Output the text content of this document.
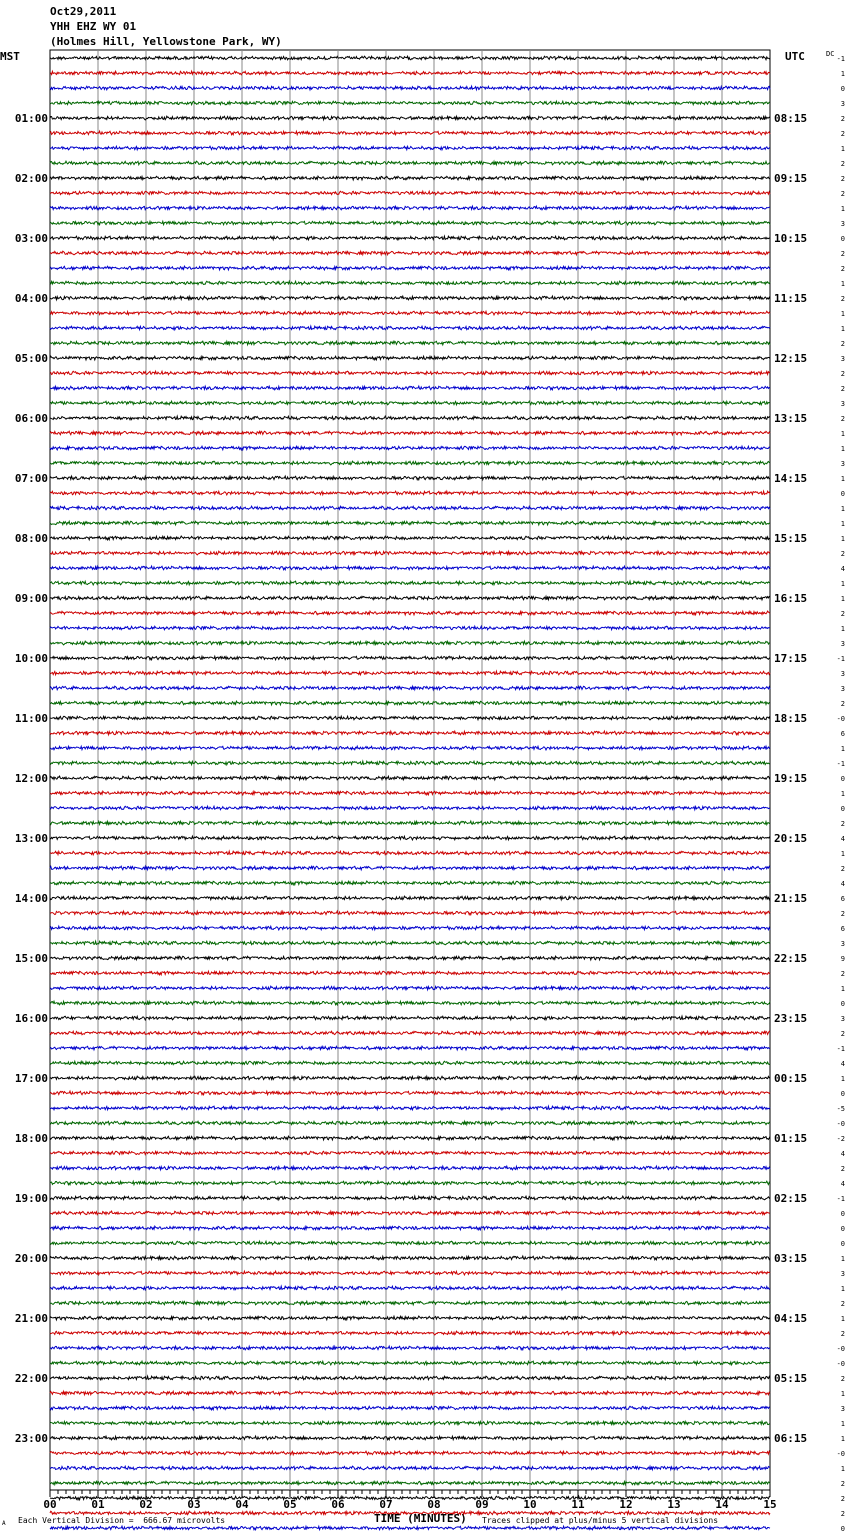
Oct29,2011
YHH EHZ WY 01
(Holmes Hill, Yellowstone Park, WY)
MST	UTC	DC
00	01	02	03	04	05	06	07	08	09	10	11	12	13	14	15
01:00
02:00
03:00
04:00
05:00
06:00
07:00
08:00
09:00
10:00
11:00
12:00
13:00
14:00
15:00
16:00
17:00
18:00
19:00
20:00
21:00
22:00
23:00
08:15
09:15
10:15
11:15
12:15
13:15
14:15
15:15
16:15
17:15
18:15
19:15
20:15
21:15
22:15
23:15
00:15
01:15
02:15
03:15
04:15
05:15
06:15
-1
1
0
3
2
2
1
2
2
2
1
3
0
2
2
1
2
1
1
2
3
2
2
3
2
1
1
3
1
0
1
1
1
2
4
1
1
2
1
3
-1
3
3
2
-0
6
1
-1
0
1
0
2
4
1
2
4
6
2
6
3
9
2
1
0
3
2
-1
4
1
0
-5
-0
-2
4
2
4
-1
0
0
0
1
3
1
2
1
2
-0
-0
2
1
3
1
1
-0
1
2
2
2
0
TIME (MINUTES)
A Each Vertical Division =  666.67 microvolts	Traces clipped at plus/minus 5 vertical divisions
